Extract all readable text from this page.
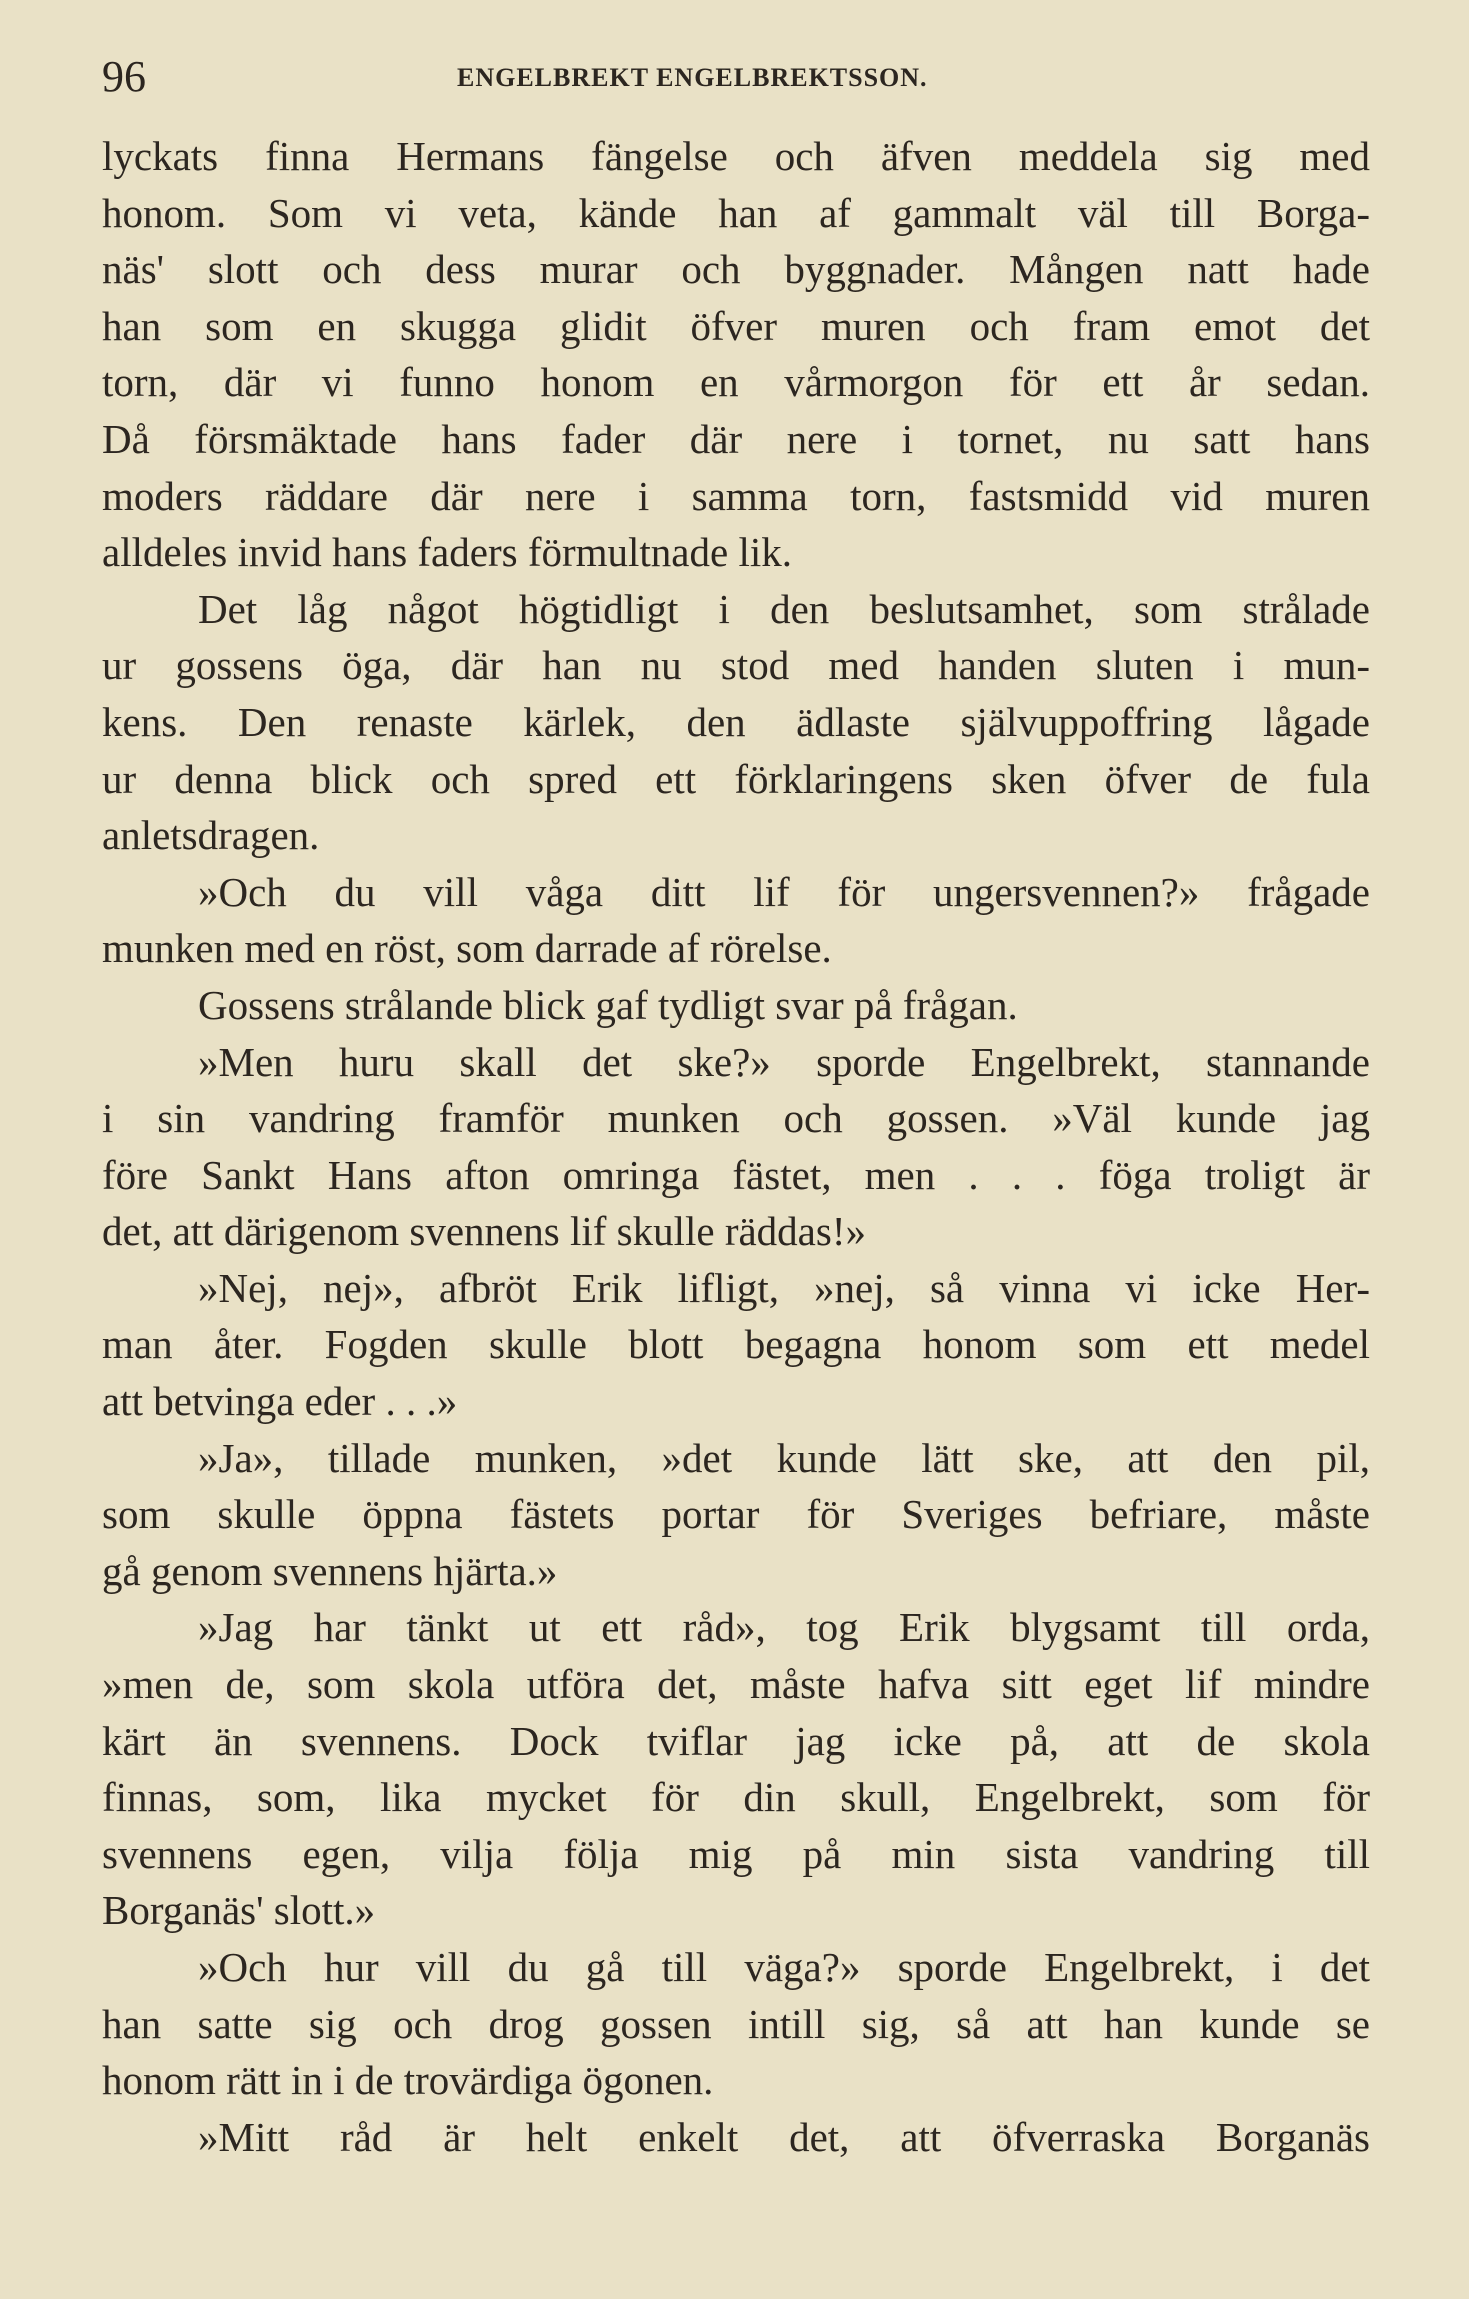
96	ENGELBREKT ENGELBREKTSSON.

lyckats finna Hermans fängelse och äfven meddela sig med

honom. Som vi veta, kände han af gammalt väl till Borga-

näs' slott och dess murar och byggnader. Mången natt hade

han som en skugga glidit öfver muren och fram emot det

torn, där vi funno honom en vårmorgon för ett år sedan.

Då försmäktade hans fader där nere i tornet, nu satt hans

moders räddare där nere i samma torn, fastsmidd vid muren

alldeles invid hans faders förmultnade lik.

Det låg något högtidligt i den beslutsamhet, som strålade

ur gossens öga, där han nu stod med handen sluten i mun-

kens. Den renaste kärlek, den ädlaste självuppoffring lågade

ur denna blick och spred ett förklaringens sken öfver de fula

anletsdragen.

»Och du vill våga ditt lif för ungersvennen?» frågade

munken med en röst, som darrade af rörelse.

Gossens strålande blick gaf tydligt svar på frågan.

»Men huru skall det ske?» sporde Engelbrekt, stannande

i sin vandring framför munken och gossen. »Väl kunde jag

före Sankt Hans afton omringa fästet, men . . . föga troligt är

det, att därigenom svennens lif skulle räddas!»

»Nej, nej», afbröt Erik lifligt, »nej, så vinna vi icke Her-

man åter. Fogden skulle blott begagna honom som ett medel

att betvinga eder . . .»

»Ja», tillade munken, »det kunde lätt ske, att den pil,

som skulle öppna fästets portar för Sveriges befriare, måste

gå genom svennens hjärta.»

»Jag har tänkt ut ett råd», tog Erik blygsamt till orda,

»men de, som skola utföra det, måste hafva sitt eget lif mindre

kärt än svennens. Dock tviflar jag icke på, att de skola

finnas, som, lika mycket för din skull, Engelbrekt, som för

svennens egen, vilja följa mig på min sista vandring till

Borganäs' slott.»

»Och hur vill du gå till väga?» sporde Engelbrekt, i det

han satte sig och drog gossen intill sig, så att han kunde se

honom rätt in i de trovärdiga ögonen.

»Mitt råd är helt enkelt det, att öfverraska Borganäs
